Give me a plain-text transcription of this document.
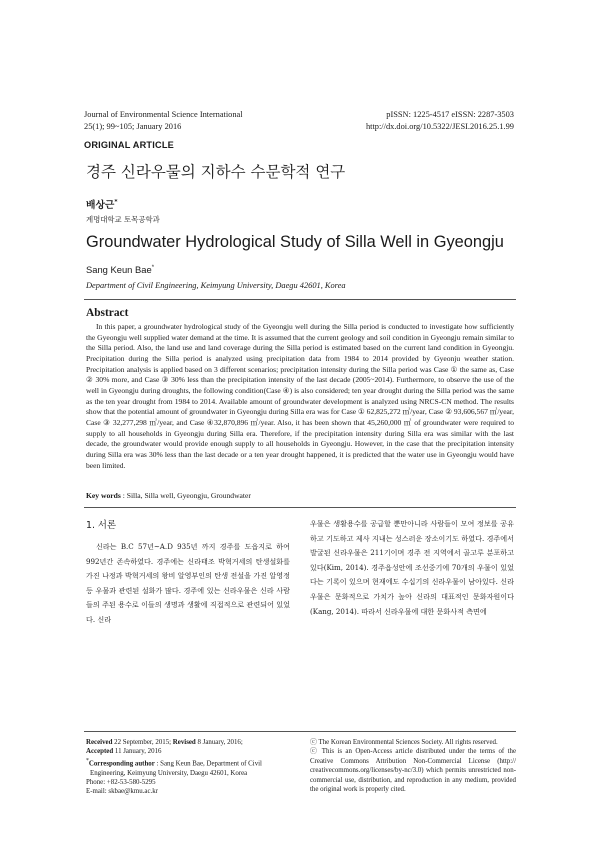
Journal of Environmental Science International
25(1); 99~105; January 2016
pISSN: 1225-4517 eISSN: 2287-3503
http://dx.doi.org/10.5322/JESI.2016.25.1.99
ORIGINAL ARTICLE
경주 신라우물의 지하수 수문학적 연구
배상근*
계명대학교 토목공학과
Groundwater Hydrological Study of Silla Well in Gyeongju
Sang Keun Bae*
Department of Civil Engineering, Keimyung University, Daegu 42601, Korea
Abstract

In this paper, a groundwater hydrological study of the Gyeongju well during the Silla period is conducted to investigate how sufficiently the Gyeongju well supplied water demand at the time. It is assumed that the current geology and soil condition in Gyeongju remain similar to the Silla period. Also, the land use and land coverage during the Silla period is estimated based on the current land condition in Gyeongju. Precipitation during the Silla period is analyzed using precipitation data from 1984 to 2014 provided by Gyeonju weather station. Precipitation analysis is applied based on 3 different scenarios; precipitation intensity during the Silla period was Case ① the same as, Case ② 30% more, and Case ③ 30% less than the precipitation intensity of the last decade (2005~2014). Furthermore, to observe the use of the well in Gyeongju during droughts, the following condition(Case ④) is also considered; ten year drought during the Silla period was the same as the ten year drought from 1984 to 2014. Available amount of groundwater development is analyzed using NRCS-CN method. The results show that the potential amount of groundwater in Gyeongju during Silla era was for Case ① 62,825,272 ㎥/year, Case ② 93,606,567 ㎥/year, Case ③ 32,277,298 ㎥/year, and Case ④32,870,896 ㎥/year. Also, it has been shown that 45,260,000 ㎥ of groundwater were required to supply to all households in Gyeongju during Silla era. Therefore, if the precipitation intensity during Silla era was similar with the last decade, the groundwater would provide enough supply to all households in Gyeongju. However, in the case that the precipitation intensity during Silla era was 30% less than the last decade or a ten year drought happened, it is predicted that the water use in Gyeongju would have been limited.

Key words : Silla, Silla well, Gyeongju, Groundwater
1. 서론

신라는 B.C 57년~A.D 935년 까지 경주를 도읍지로 하여 992년간 존속하였다. 경주에는 신라태조 박혁거세의 탄생설화를 가진 나정과 박혁거세의 왕비 알영부인의 탄생 전설을 가진 알영정 등 우물과 관련된 설화가 많다. 경주에 있는 신라우물은 신라 사람들의 주된 용수로 이들의 생명과 생활에 직접적으로 관련되어 있었다. 신라

우물은 생활용수를 공급할 뿐만아니라 사람들이 모여 정보를 공유하고 기도하고 제사 지내는 성스러운 장소이기도 하였다. 경주에서 발굴된 신라우물은 211기이며 경주 전 지역에서 골고루 분포하고 있다(Kim, 2014). 경주읍성안에 조선중기에 70개의 우물이 있었다는 기록이 있으며 현재에도 수십기의 신라우물이 남아있다. 신라우물은 문화적으로 가치가 높아 신라의 대표적인 문화자원이다(Kang, 2014). 따라서 신라우물에 대한 문화사적 측면에

Received 22 September, 2015; Revised 8 January, 2016;
Accepted 11 January, 2016
*Corresponding author : Sang Keun Bae, Department of Civil
Engineering, Keimyung University, Daegu 42601, Korea
Phone: +82-53-580-5295
E-mail: skbae@kmu.ac.kr
ⓒ The Korean Environmental Sciences Society. All rights reserved.
ⓒ This is an Open-Access article distributed under the terms of the Creative Commons Attribution Non-Commercial License (http:// creativecommons.org/licenses/by-nc/3.0) which permits unrestricted non-commercial use, distribution, and reproduction in any medium, provided the original work is properly cited.
